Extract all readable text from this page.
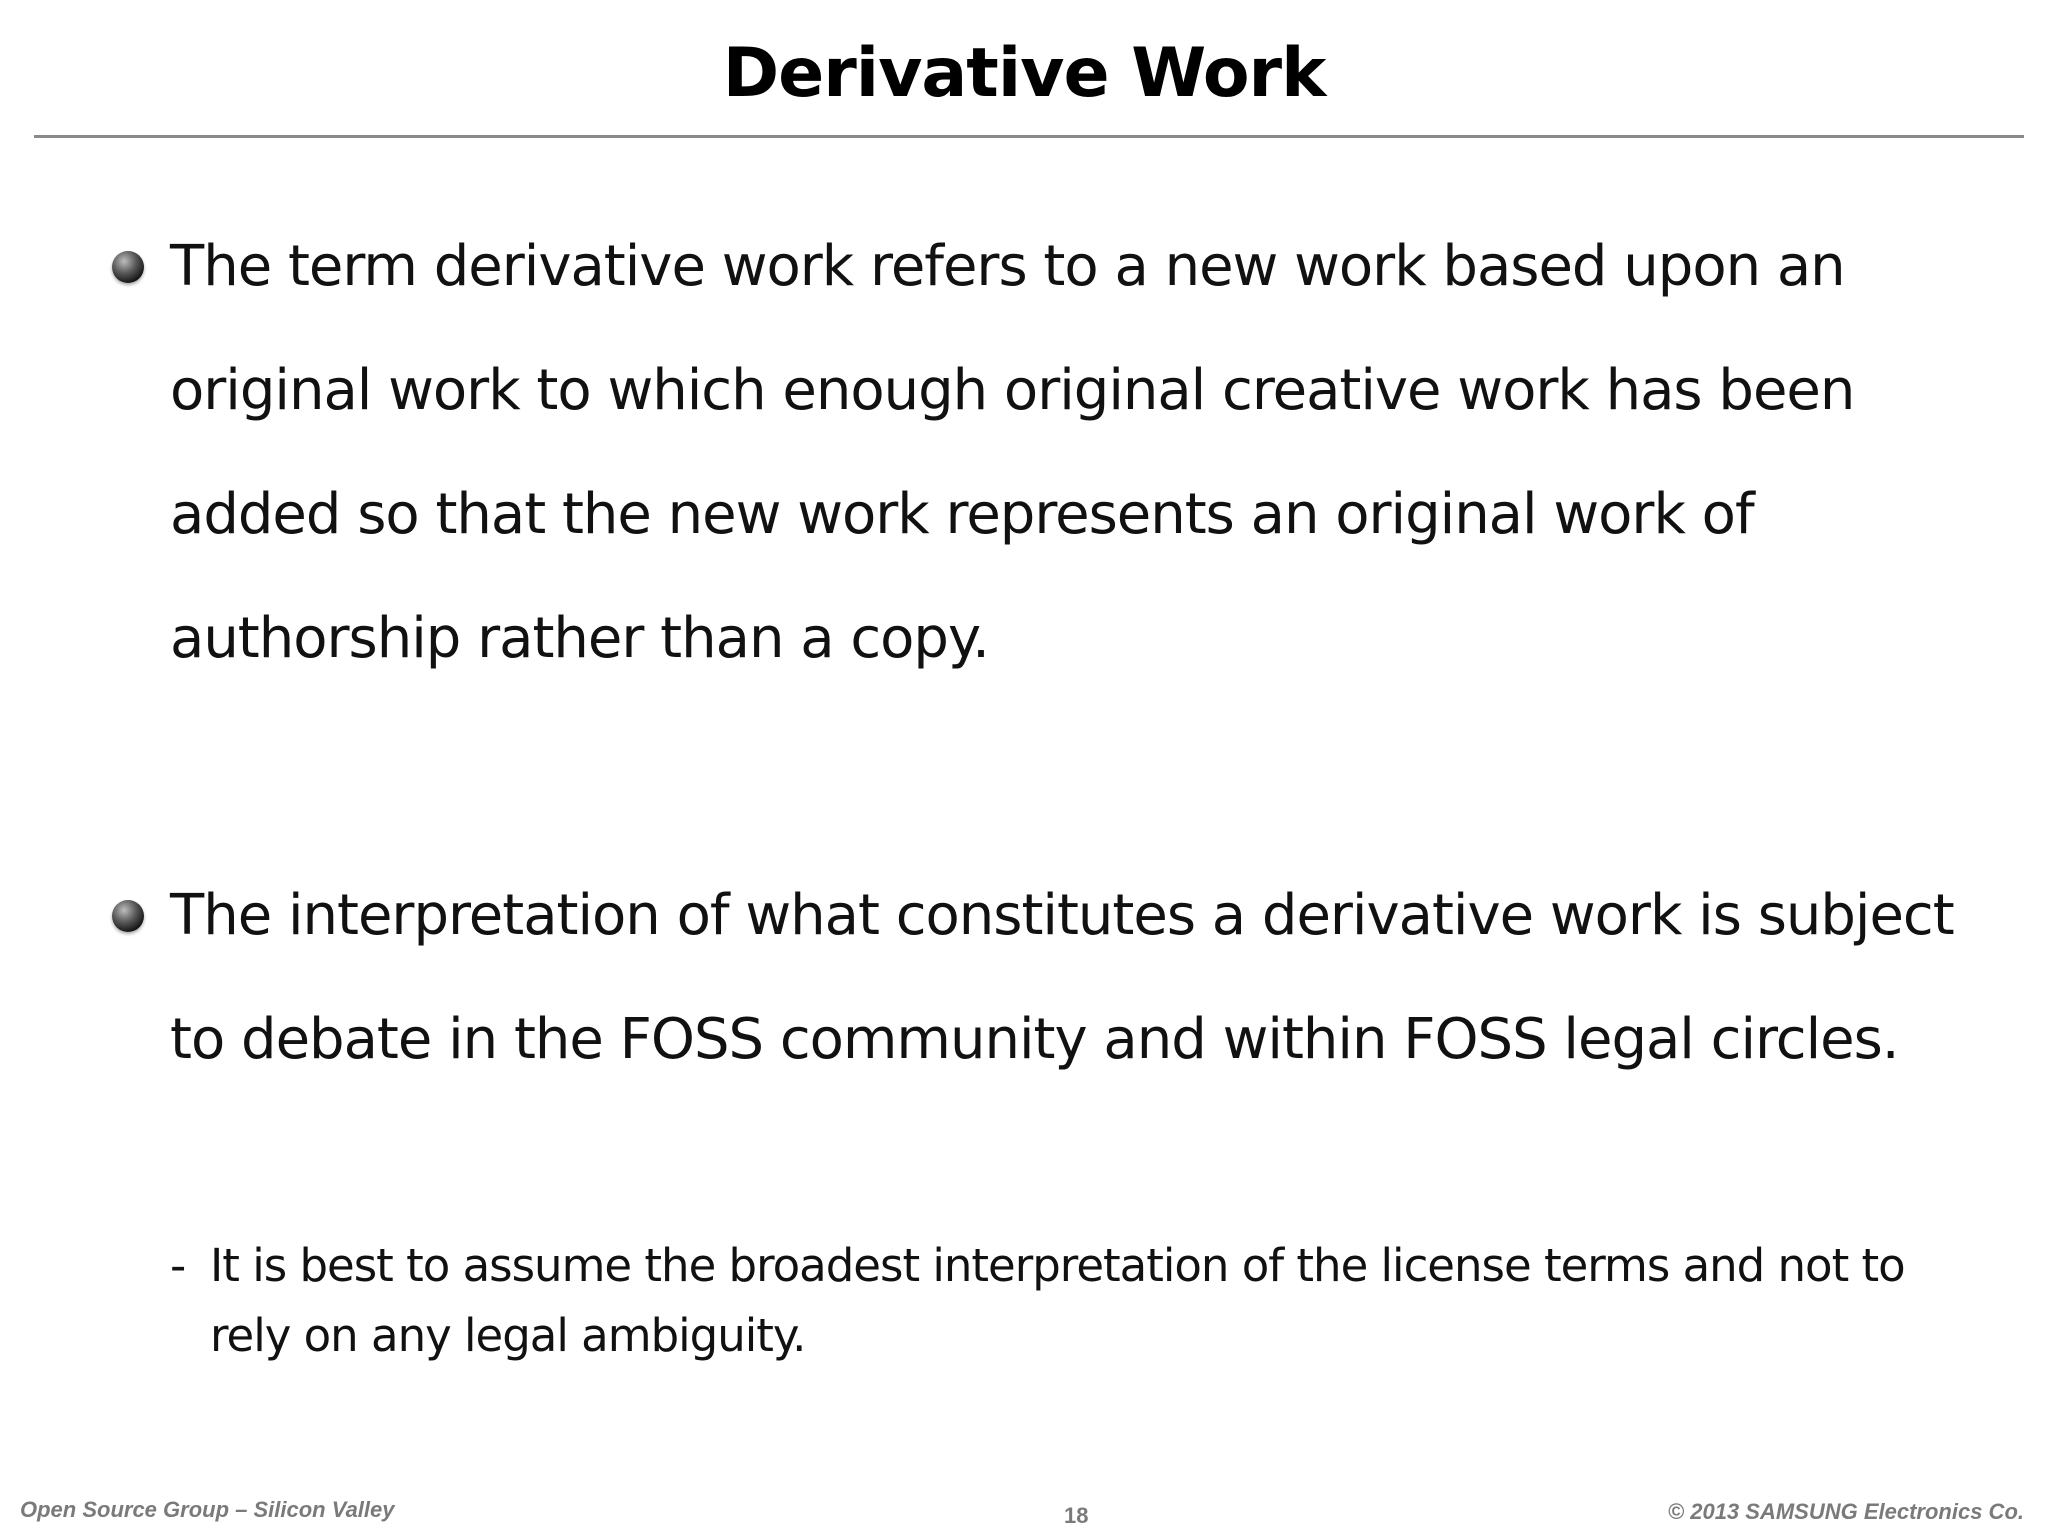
Derivative Work
The term derivative work refers to a new work based upon an original work to which enough original creative work has been added so that the new work represents an original work of authorship rather than a copy.
The interpretation of what constitutes a derivative work is subject to debate in the FOSS community and within FOSS legal circles.
- It is best to assume the broadest interpretation of the license terms and not to rely on any legal ambiguity.
Open Source Group – Silicon Valley	18	© 2013 SAMSUNG Electronics Co.
